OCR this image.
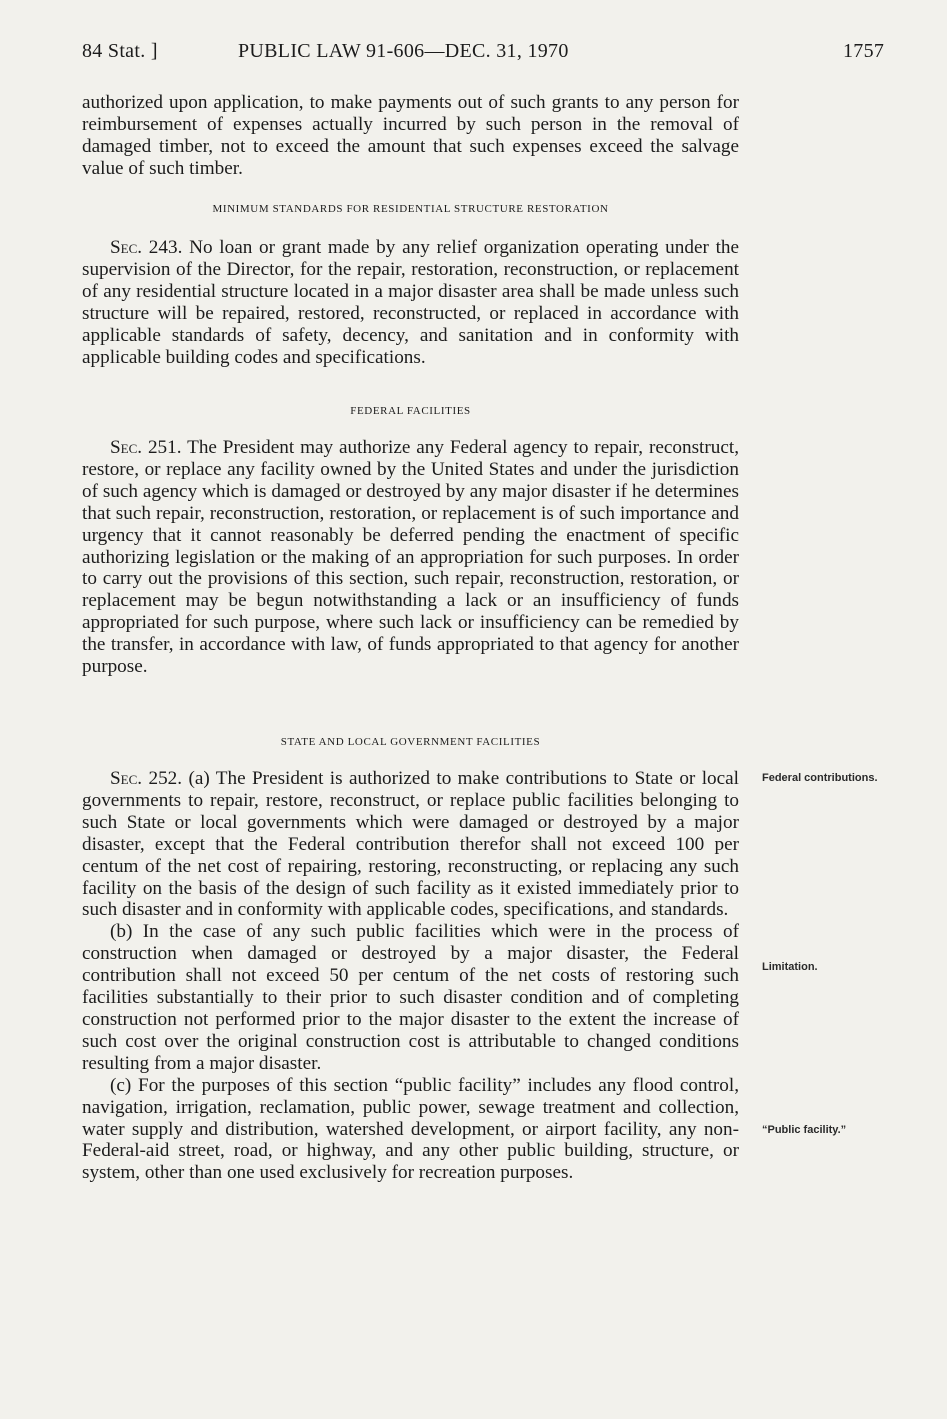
84 Stat. ]	PUBLIC LAW 91-606—DEC. 31, 1970	1757

authorized upon application, to make payments out of such grants to any person for reimbursement of expenses actually incurred by such person in the removal of damaged timber, not to exceed the amount that such expenses exceed the salvage value of such timber.

MINIMUM STANDARDS FOR RESIDENTIAL STRUCTURE RESTORATION

Sec. 243. No loan or grant made by any relief organization operating under the supervision of the Director, for the repair, restoration, reconstruction, or replacement of any residential structure located in a major disaster area shall be made unless such structure will be repaired, restored, reconstructed, or replaced in accordance with applicable standards of safety, decency, and sanitation and in conformity with applicable building codes and specifications.

FEDERAL FACILITIES

Sec. 251. The President may authorize any Federal agency to repair, reconstruct, restore, or replace any facility owned by the United States and under the jurisdiction of such agency which is damaged or destroyed by any major disaster if he determines that such repair, reconstruction, restoration, or replacement is of such importance and urgency that it cannot reasonably be deferred pending the enactment of specific authorizing legislation or the making of an appropriation for such purposes. In order to carry out the provisions of this section, such repair, reconstruction, restoration, or replacement may be begun notwithstanding a lack or an insufficiency of funds appropriated for such purpose, where such lack or insufficiency can be remedied by the transfer, in accordance with law, of funds appropriated to that agency for another purpose.

STATE AND LOCAL GOVERNMENT FACILITIES

Sec. 252. (a) The President is authorized to make contributions to State or local governments to repair, restore, reconstruct, or replace public facilities belonging to such State or local governments which were damaged or destroyed by a major disaster, except that the Federal contribution therefor shall not exceed 100 per centum of the net cost of repairing, restoring, reconstructing, or replacing any such facility on the basis of the design of such facility as it existed immediately prior to such disaster and in conformity with applicable codes, specifications, and standards.

(b) In the case of any such public facilities which were in the process of construction when damaged or destroyed by a major disaster, the Federal contribution shall not exceed 50 per centum of the net costs of restoring such facilities substantially to their prior to such disaster condition and of completing construction not performed prior to the major disaster to the extent the increase of such cost over the original construction cost is attributable to changed conditions resulting from a major disaster.

(c) For the purposes of this section “public facility” includes any flood control, navigation, irrigation, reclamation, public power, sewage treatment and collection, water supply and distribution, watershed development, or airport facility, any non-Federal-aid street, road, or highway, and any other public building, structure, or system, other than one used exclusively for recreation purposes.

Federal contributions.
Limitation.
“Public facility.”
